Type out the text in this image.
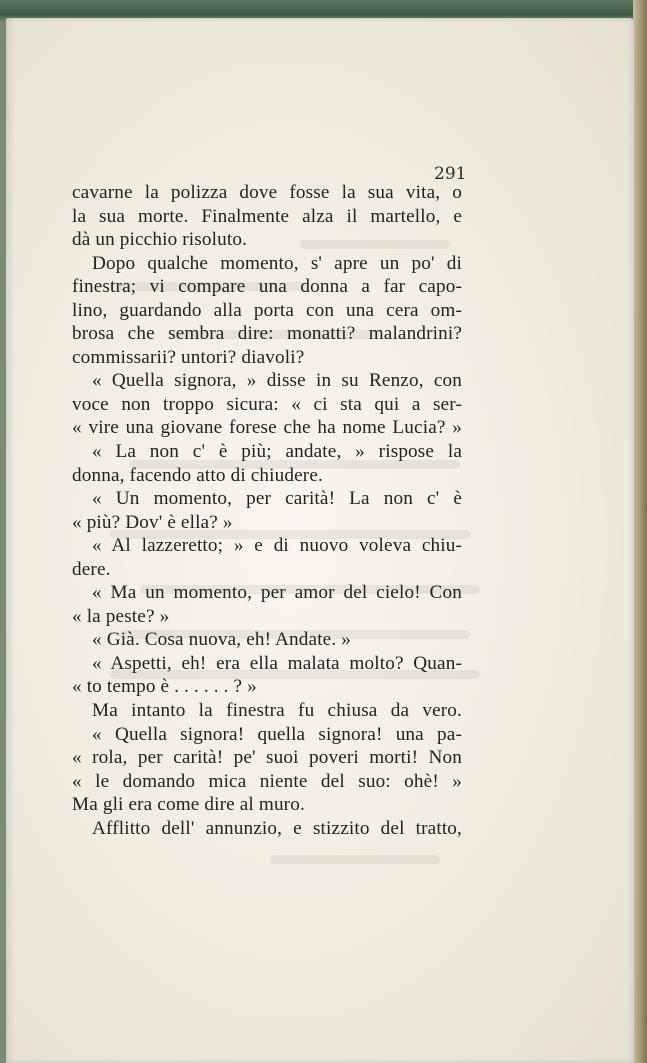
291
cavarne la polizza dove fosse la sua vita, o
la sua morte. Finalmente alza il martello, e
dà un picchio risoluto.
Dopo qualche momento, s' apre un po' di
finestra; vi compare una donna a far capo-
lino, guardando alla porta con una cera om-
brosa che sembra dire: monatti? malandrini?
commissarii? untori? diavoli?
« Quella signora, » disse in su Renzo, con
voce non troppo sicura: « ci sta qui a ser-
« vire una giovane forese che ha nome Lucia? »
« La non c' è più; andate, » rispose la
donna, facendo atto di chiudere.
« Un momento, per carità! La non c' è
« più? Dov' è ella? »
« Al lazzeretto; » e di nuovo voleva chiu-
dere.
« Ma un momento, per amor del cielo! Con
« la peste? »
« Già. Cosa nuova, eh! Andate. »
« Aspetti, eh! era ella malata molto? Quan-
« to tempo è . . . . . . ? »
Ma intanto la finestra fu chiusa da vero.
« Quella signora! quella signora! una pa-
« rola, per carità! pe' suoi poveri morti! Non
« le domando mica niente del suo: ohè! »
Ma gli era come dire al muro.
Afflitto dell' annunzio, e stizzito del tratto,
